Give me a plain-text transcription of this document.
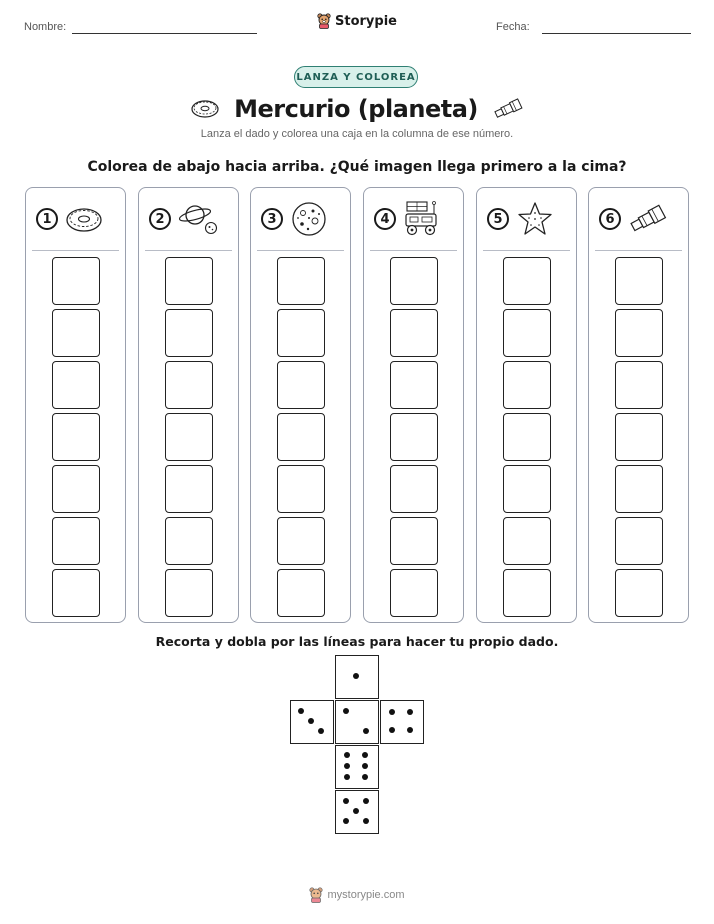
Nombre:	Storypie	Fecha:
LANZA Y COLOREA
Mercurio (planeta)
Lanza el dado y colorea una caja en la columna de ese número.
Colorea de abajo hacia arriba. ¿Qué imagen llega primero a la cima?
1	2	3	4	5	6
Recorta y dobla por las líneas para hacer tu propio dado.
mystorypie.com
